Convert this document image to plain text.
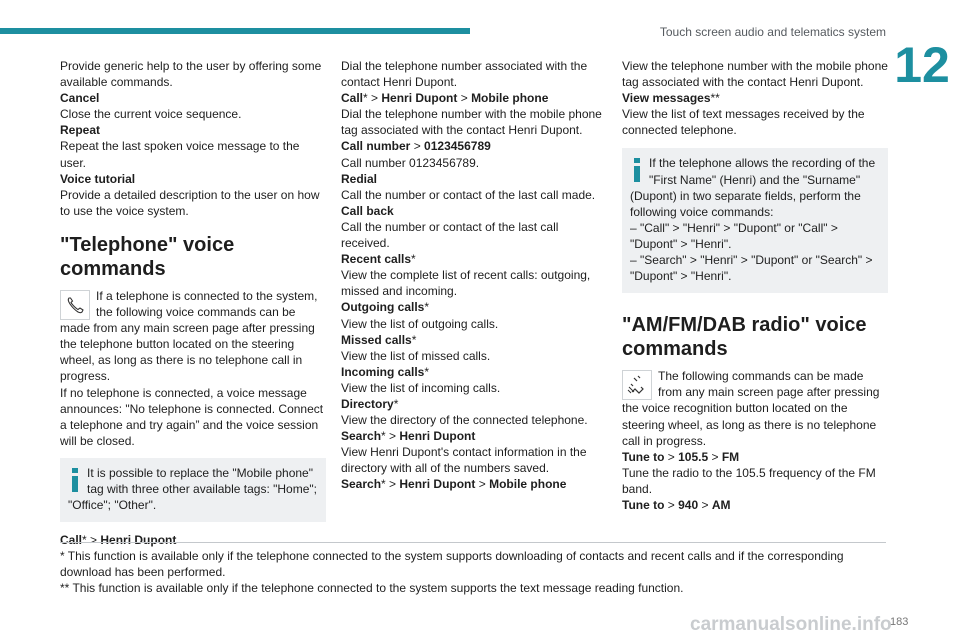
Touch screen audio and telematics system
12

Provide generic help to the user by offering some available commands.

Cancel

Close the current voice sequence.

Repeat

Repeat the last spoken voice message to the user.

Voice tutorial

Provide a detailed description to the user on how to use the voice system.

"Telephone" voice commands
If a telephone is connected to the system, the following voice commands can be made from any main screen page after pressing the telephone button located on the steering wheel, as long as there is no telephone call in progress.

If no telephone is connected, a voice message announces: "No telephone is connected. Connect a telephone and try again” and the voice session will be closed.

It is possible to replace the "Mobile phone" tag with three other available tags: "Home"; "Office"; "Other".

Call* > Henri Dupont

Dial the telephone number associated with the contact Henri Dupont.

Call* > Henri Dupont > Mobile phone

Dial the telephone number with the mobile phone tag associated with the contact Henri Dupont.

Call number > 0123456789

Call number 0123456789.

Redial

Call the number or contact of the last call made.

Call back

Call the number or contact of the last call received.

Recent calls*

View the complete list of recent calls: outgoing, missed and incoming.

Outgoing calls*

View the list of outgoing calls.

Missed calls*

View the list of missed calls.

Incoming calls*

View the list of incoming calls.

Directory*

View the directory of the connected telephone.

Search* > Henri Dupont

View Henri Dupont's contact information in the directory with all of the numbers saved.

Search* > Henri Dupont > Mobile phone

View the telephone number with the mobile phone tag associated with the contact Henri Dupont.

View messages**

View the list of text messages received by the connected telephone.

If the telephone allows the recording of the "First Name" (Henri) and the "Surname" (Dupont) in two separate fields, perform the following voice commands:
– "Call" > "Henri" > "Dupont" or "Call" > "Dupont" > "Henri".
– "Search" > "Henri" > "Dupont" or "Search" > "Dupont" > "Henri".
"AM/FM/DAB radio" voice commands
The following commands can be made from any main screen page after pressing the voice recognition button located on the steering wheel, as long as there is no telephone call in progress.

Tune to > 105.5 > FM

Tune the radio to the 105.5 frequency of the FM band.

Tune to > 940 > AM

* This function is available only if the telephone connected to the system supports downloading of contacts and recent calls and if the corresponding download has been performed.
** This function is available only if the telephone connected to the system supports the text message reading function.
carmanualsonline.info
183
